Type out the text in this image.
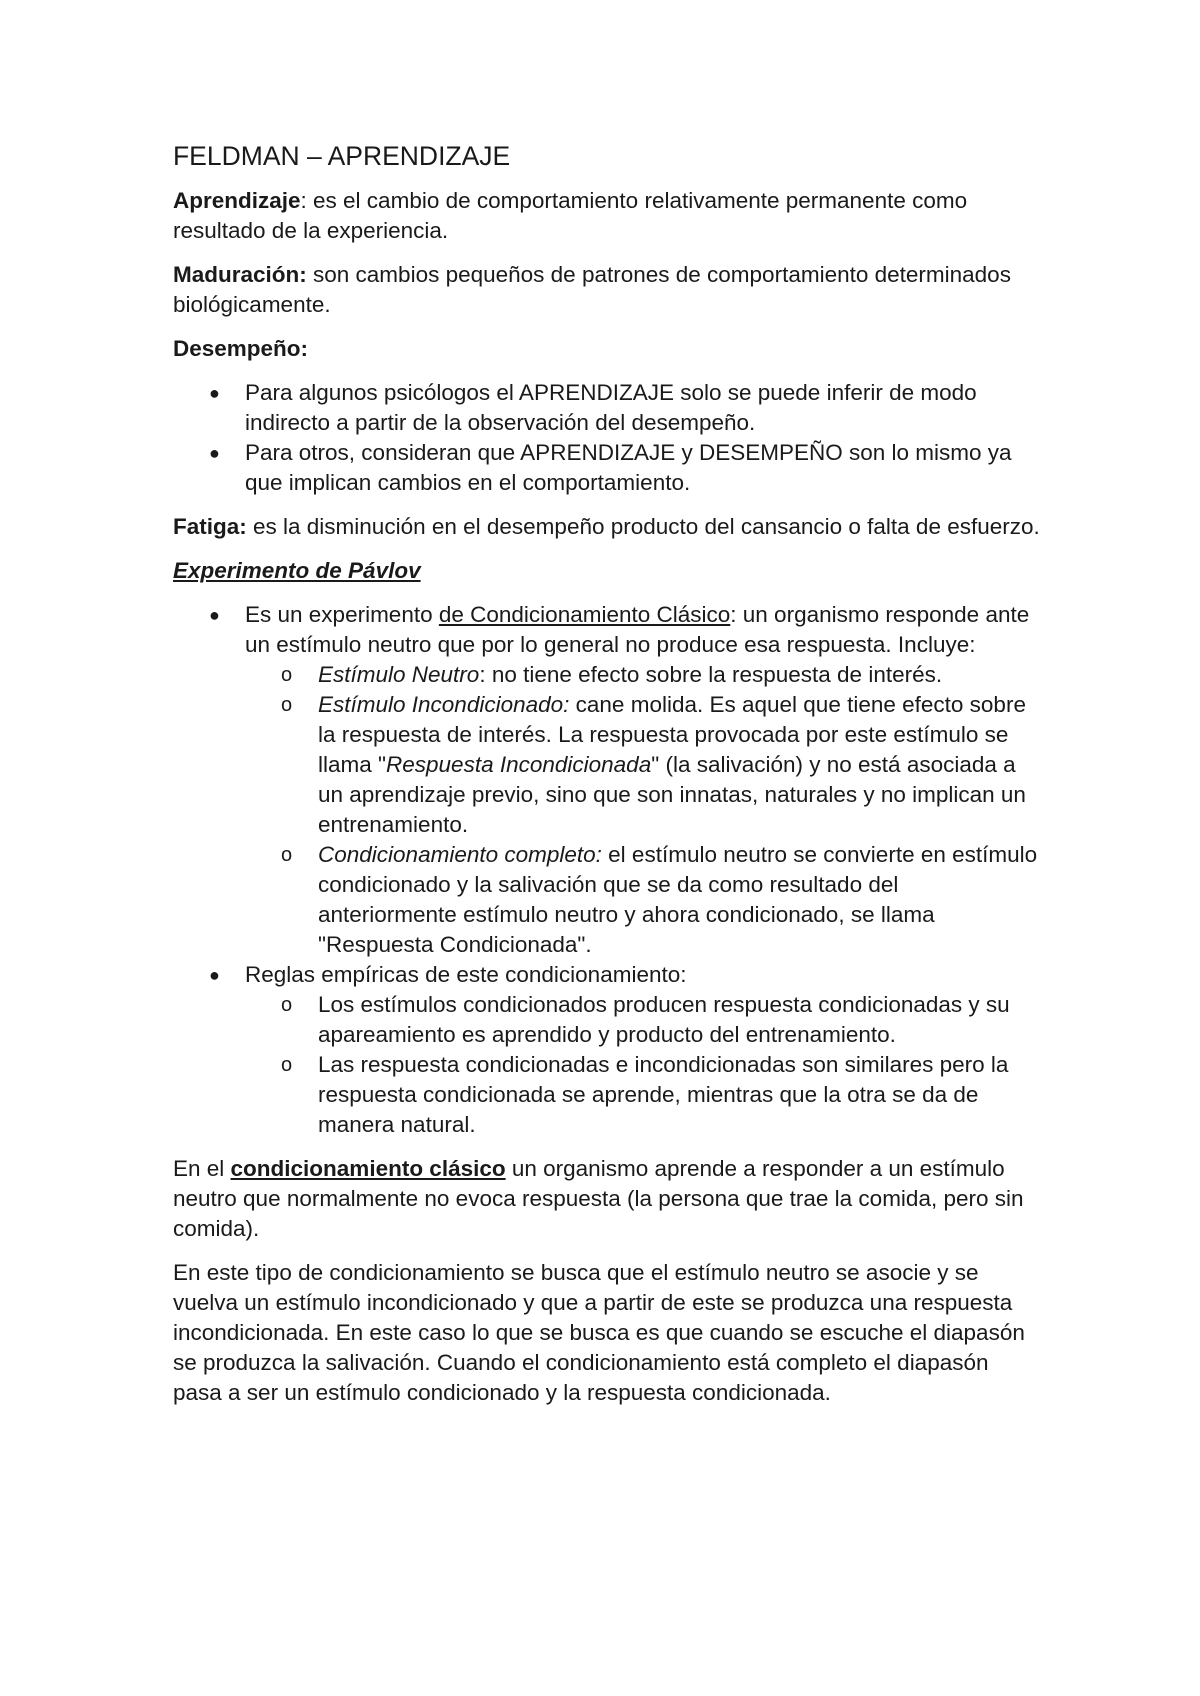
FELDMAN – APRENDIZAJE

Aprendizaje: es el cambio de comportamiento relativamente permanente como resultado de la experiencia.

Maduración: son cambios pequeños de patrones de comportamiento determinados biológicamente.

Desempeño:

● Para algunos psicólogos el APRENDIZAJE solo se puede inferir de modo indirecto a partir de la observación del desempeño.
● Para otros, consideran que APRENDIZAJE y DESEMPEÑO son lo mismo ya que implican cambios en el comportamiento.

Fatiga: es la disminución en el desempeño producto del cansancio o falta de esfuerzo.

Experimento de Pávlov

● Es un experimento de Condicionamiento Clásico: un organismo responde ante un estímulo neutro que por lo general no produce esa respuesta. Incluye:
o Estímulo Neutro: no tiene efecto sobre la respuesta de interés.
o Estímulo Incondicionado: cane molida. Es aquel que tiene efecto sobre la respuesta de interés. La respuesta provocada por este estímulo se llama "Respuesta Incondicionada" (la salivación) y no está asociada a un aprendizaje previo, sino que son innatas, naturales y no implican un entrenamiento.
o Condicionamiento completo: el estímulo neutro se convierte en estímulo condicionado y la salivación que se da como resultado del anteriormente estímulo neutro y ahora condicionado, se llama "Respuesta Condicionada".
● Reglas empíricas de este condicionamiento:
o Los estímulos condicionados producen respuesta condicionadas y su apareamiento es aprendido y producto del entrenamiento.
o Las respuesta condicionadas e incondicionadas son similares pero la respuesta condicionada se aprende, mientras que la otra se da de manera natural.

En el condicionamiento clásico un organismo aprende a responder a un estímulo neutro que normalmente no evoca respuesta (la persona que trae la comida, pero sin comida).

En este tipo de condicionamiento se busca que el estímulo neutro se asocie y se vuelva un estímulo incondicionado y que a partir de este se produzca una respuesta incondicionada. En este caso lo que se busca es que cuando se escuche el diapasón se produzca la salivación. Cuando el condicionamiento está completo el diapasón pasa a ser un estímulo condicionado y la respuesta condicionada.
